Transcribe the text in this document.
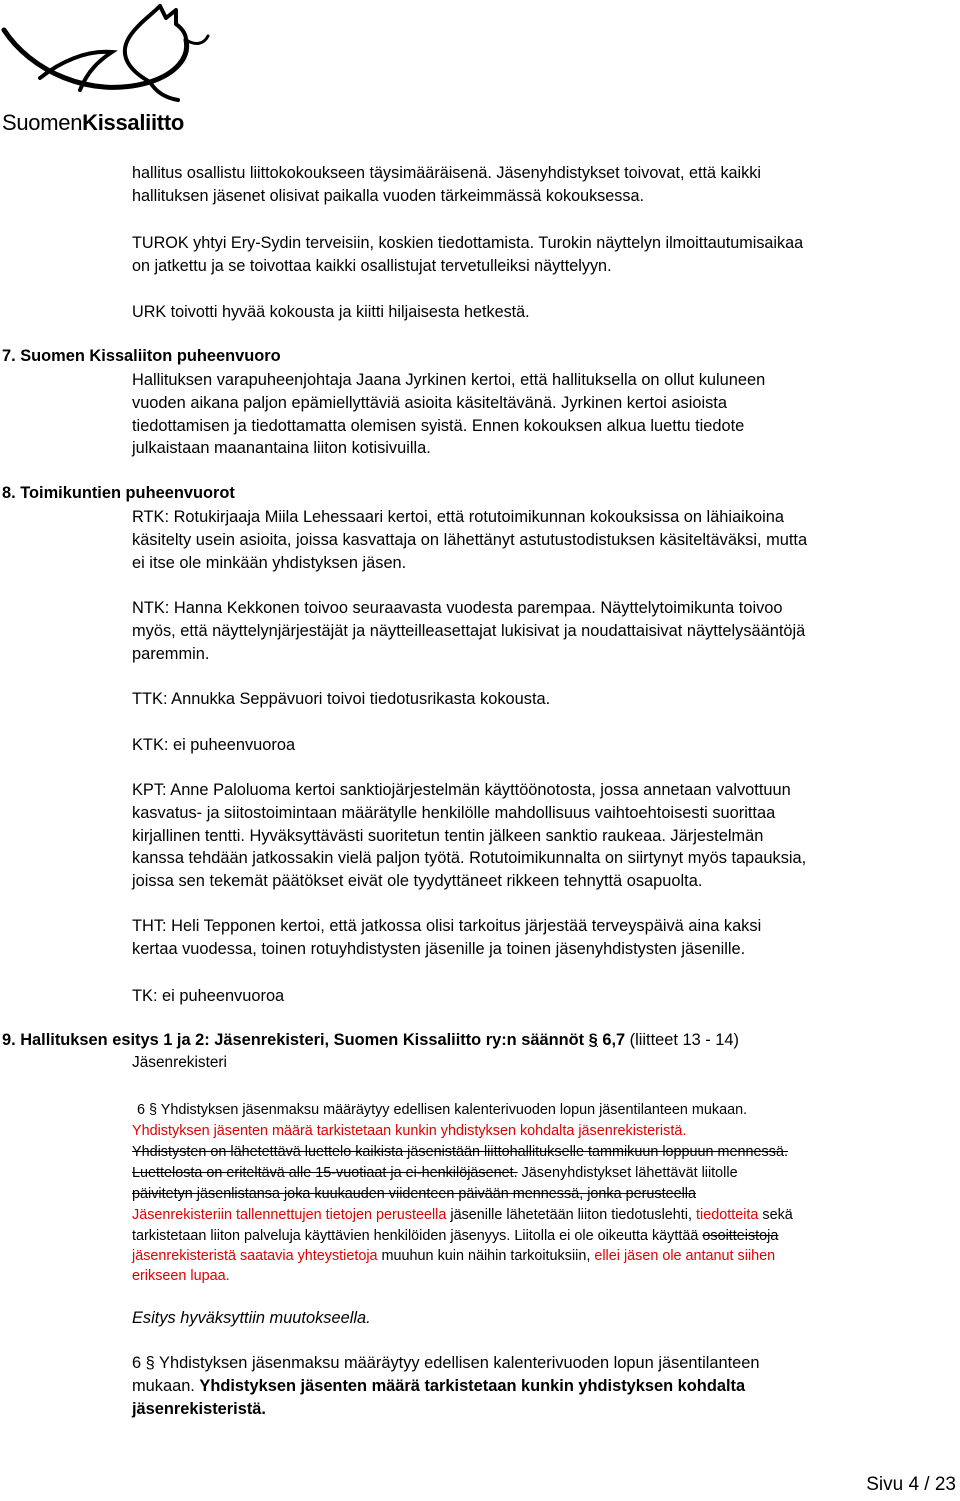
SuomenKissaliitto
hallitus osallistu liittokokoukseen täysimääräisenä. Jäsenyhdistykset toivovat, että kaikki
hallituksen jäsenet olisivat paikalla vuoden tärkeimmässä kokouksessa.
TUROK yhtyi Ery-Sydin terveisiin, koskien tiedottamista. Turokin näyttelyn ilmoittautumisaikaa
on jatkettu ja se toivottaa kaikki osallistujat tervetulleiksi näyttelyyn.
URK toivotti hyvää kokousta ja kiitti hiljaisesta hetkestä.
7. Suomen Kissaliiton puheenvuoro
Hallituksen varapuheenjohtaja Jaana Jyrkinen kertoi, että hallituksella on ollut kuluneen
vuoden aikana paljon epämiellyttäviä asioita käsiteltävänä. Jyrkinen kertoi asioista
tiedottamisen ja tiedottamatta olemisen syistä. Ennen kokouksen alkua luettu tiedote
julkaistaan maanantaina liiton kotisivuilla.
8. Toimikuntien puheenvuorot
RTK: Rotukirjaaja Miila Lehessaari kertoi, että rotutoimikunnan kokouksissa on lähiaikoina
käsitelty usein asioita, joissa kasvattaja on lähettänyt astutustodistuksen käsiteltäväksi, mutta
ei itse ole minkään yhdistyksen jäsen.
NTK: Hanna Kekkonen toivoo seuraavasta vuodesta parempaa. Näyttelytoimikunta toivoo
myös, että näyttelynjärjestäjät ja näytteilleasettajat lukisivat ja noudattaisivat näyttelysääntöjä
paremmin.
TTK: Annukka Seppävuori toivoi tiedotusrikasta kokousta.
KTK: ei puheenvuoroa
KPT: Anne Paloluoma kertoi sanktiojärjestelmän käyttöönotosta, jossa annetaan valvottuun
kasvatus- ja siitostoimintaan määrätylle henkilölle mahdollisuus vaihtoehtoisesti suorittaa
kirjallinen tentti. Hyväksyttävästi suoritetun tentin jälkeen sanktio raukeaa. Järjestelmän
kanssa tehdään jatkossakin vielä paljon työtä. Rotutoimikunnalta on siirtynyt myös tapauksia,
joissa sen tekemät päätökset eivät ole tyydyttäneet rikkeen tehnyttä osapuolta.
THT: Heli Tepponen kertoi, että jatkossa olisi tarkoitus järjestää terveyspäivä aina kaksi
kertaa vuodessa, toinen rotuyhdistysten jäsenille ja toinen jäsenyhdistysten jäsenille.
TK: ei puheenvuoroa
9. Hallituksen esitys 1 ja 2: Jäsenrekisteri, Suomen Kissaliitto ry:n säännöt § 6,7 (liitteet 13 - 14)
Jäsenrekisteri
6 § Yhdistyksen jäsenmaksu määräytyy edellisen kalenterivuoden lopun jäsentilanteen mukaan.
Yhdistyksen jäsenten määrä tarkistetaan kunkin yhdistyksen kohdalta jäsenrekisteristä.
Yhdistysten on lähetettävä luettelo kaikista jäsenistään liittohallitukselle tammikuun loppuun mennessä.
Luettelosta on eriteltävä alle 15-vuotiaat ja ei-henkilöjäsenet. Jäsenyhdistykset lähettävät liitolle
päivitetyn jäsenlistansa joka kuukauden viidenteen päivään mennessä, jonka perusteella
Jäsenrekisteriin tallennettujen tietojen perusteella jäsenille lähetetään liiton tiedotuslehti, tiedotteita sekä
tarkistetaan liiton palveluja käyttävien henkilöiden jäsenyys. Liitolla ei ole oikeutta käyttää osoitteistoja
jäsenrekisteristä saatavia yhteystietoja muuhun kuin näihin tarkoituksiin, ellei jäsen ole antanut siihen
erikseen lupaa.
Esitys hyväksyttiin muutokseella.
6 § Yhdistyksen jäsenmaksu määräytyy edellisen kalenterivuoden lopun jäsentilanteen
mukaan. Yhdistyksen jäsenten määrä tarkistetaan kunkin yhdistyksen kohdalta
jäsenrekisteristä.
Sivu 4 / 23
